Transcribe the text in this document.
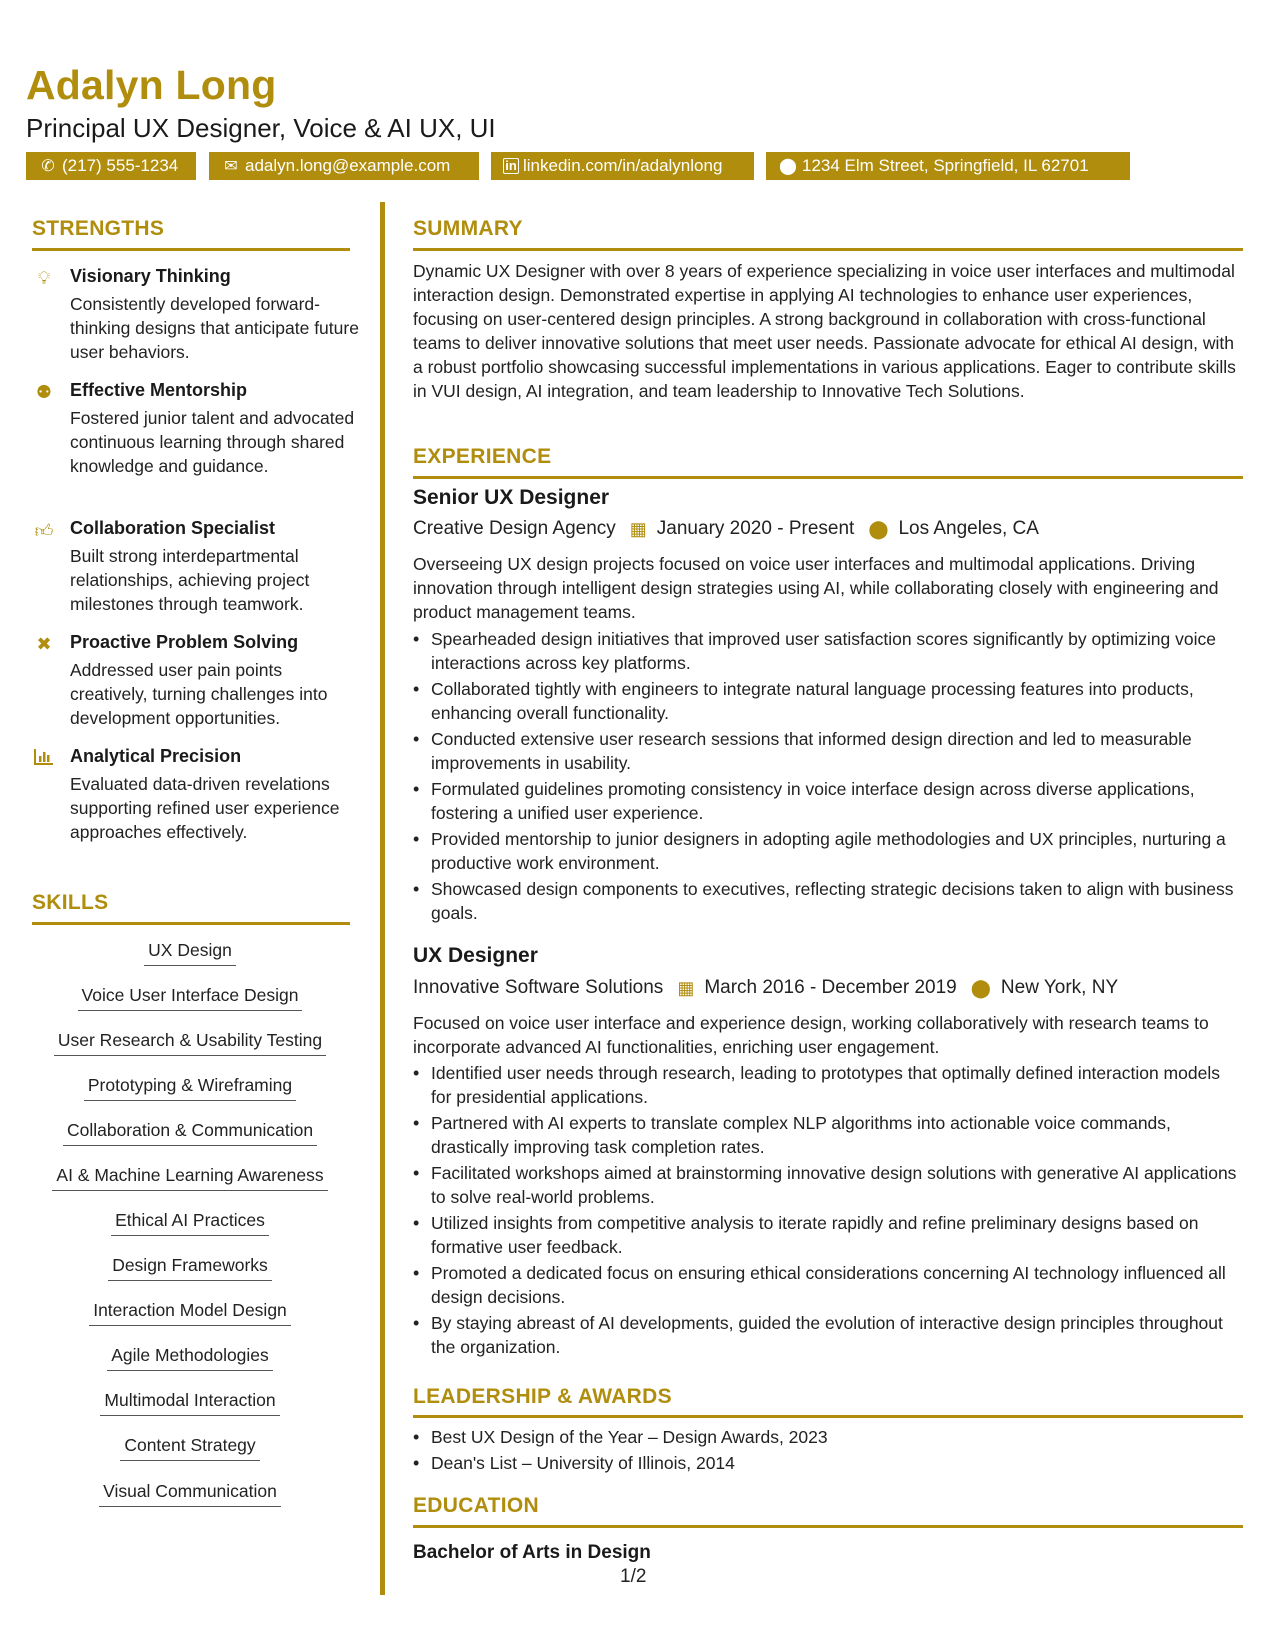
Adalyn Long
Principal UX Designer, Voice & AI UX, UI
✆ (217) 555-1234	✉ adalyn.long@example.com	in linkedin.com/in/adalynlong	⬤ 1234 Elm Street, Springfield, IL 62701
STRENGTHS
💡︎	Visionary Thinking
Consistently developed forward-thinking designs that anticipate future user behaviors.
⚉ Effective Mentorship
Fostered junior talent and advocated continuous learning through shared knowledge and guidance.
👍︎ Collaboration Specialist
Built strong interdepartmental relationships, achieving project milestones through teamwork.
✖ Proactive Problem Solving
Addressed user pain points creatively, turning challenges into development opportunities.
Analytical Precision
Evaluated data-driven revelations supporting refined user experience approaches effectively.
SKILLS
UX Design
Voice User Interface Design
User Research & Usability Testing
Prototyping & Wireframing
Collaboration & Communication
AI & Machine Learning Awareness
Ethical AI Practices
Design Frameworks
Interaction Model Design
Agile Methodologies
Multimodal Interaction
Content Strategy
Visual Communication
SUMMARY
Dynamic UX Designer with over 8 years of experience specializing in voice user interfaces and multimodal interaction design. Demonstrated expertise in applying AI technologies to enhance user experiences, focusing on user-centered design principles. A strong background in collaboration with cross-functional teams to deliver innovative solutions that meet user needs. Passionate advocate for ethical AI design, with a robust portfolio showcasing successful implementations in various applications. Eager to contribute skills in VUI design, AI integration, and team leadership to Innovative Tech Solutions.
EXPERIENCE
Senior UX Designer
Creative Design Agency ▦ January 2020 - Present ⬤ Los Angeles, CA
Overseeing UX design projects focused on voice user interfaces and multimodal applications. Driving innovation through intelligent design strategies using AI, while collaborating closely with engineering and product management teams.
• Spearheaded design initiatives that improved user satisfaction scores significantly by optimizing voice interactions across key platforms.
• Collaborated tightly with engineers to integrate natural language processing features into products, enhancing overall functionality.
• Conducted extensive user research sessions that informed design direction and led to measurable improvements in usability.
• Formulated guidelines promoting consistency in voice interface design across diverse applications, fostering a unified user experience.
• Provided mentorship to junior designers in adopting agile methodologies and UX principles, nurturing a productive work environment.
• Showcased design components to executives, reflecting strategic decisions taken to align with business goals.
UX Designer
Innovative Software Solutions ▦ March 2016 - December 2019 ⬤ New York, NY
Focused on voice user interface and experience design, working collaboratively with research teams to incorporate advanced AI functionalities, enriching user engagement.
• Identified user needs through research, leading to prototypes that optimally defined interaction models for presidential applications.
• Partnered with AI experts to translate complex NLP algorithms into actionable voice commands, drastically improving task completion rates.
• Facilitated workshops aimed at brainstorming innovative design solutions with generative AI applications to solve real-world problems.
• Utilized insights from competitive analysis to iterate rapidly and refine preliminary designs based on formative user feedback.
• Promoted a dedicated focus on ensuring ethical considerations concerning AI technology influenced all design decisions.
• By staying abreast of AI developments, guided the evolution of interactive design principles throughout the organization.
LEADERSHIP & AWARDS
• Best UX Design of the Year – Design Awards, 2023
• Dean's List – University of Illinois, 2014
EDUCATION
Bachelor of Arts in Design
1/2
